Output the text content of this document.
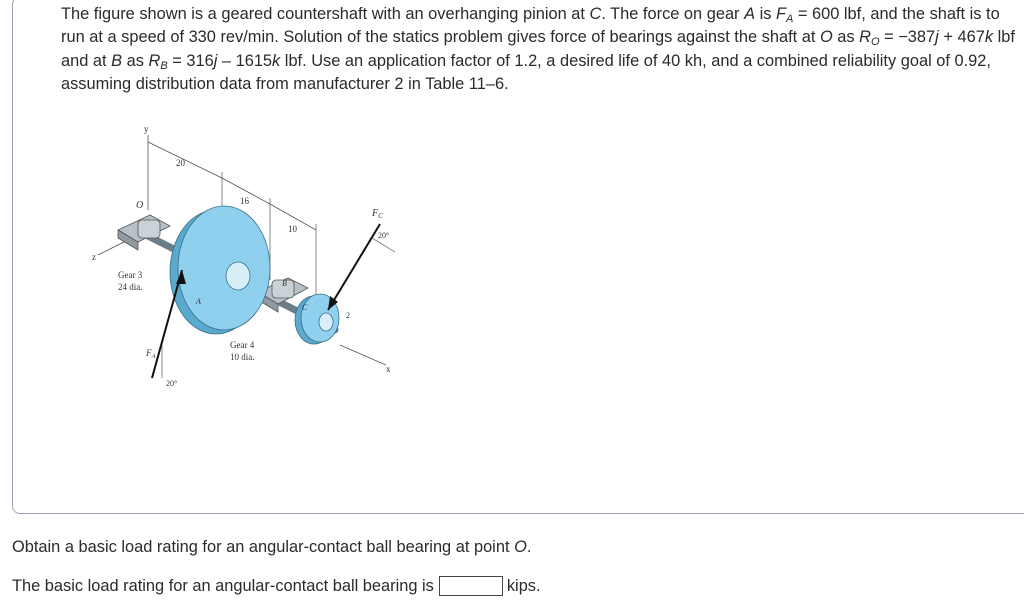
The figure shown is a geared countershaft with an overhanging pinion at C. The force on gear A is $F_A = 600$ lbf, and the shaft is to run at a speed of 330 rev/min. Solution of the statics problem gives force of bearings against the shaft at O as $R_O = -387j + 467k$ lbf and at B as $R_B = 316j - 1615k$ lbf. Use an application factor of 1.2, a desired life of 40 kh, and a combined reliability goal of 0.92, assuming distribution data from manufacturer 2 in Table 11–6.

y
z
x
O
20
16
10
$F_C$
20°
Gear 3
24 dia.
A
B
C
2
$F_A$
Gear 4
10 dia.
20°

Obtain a basic load rating for an angular-contact ball bearing at point O.

The basic load rating for an angular-contact ball bearing is	kips.
